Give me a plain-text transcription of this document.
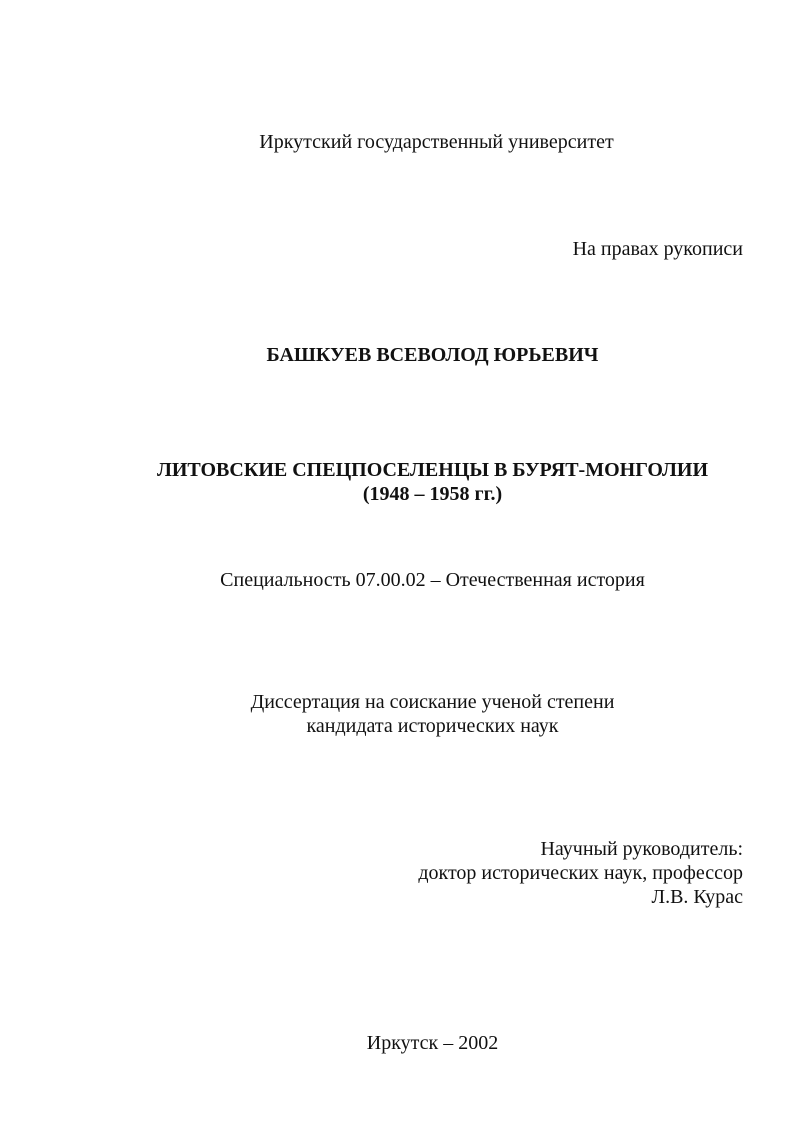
Иркутский государственный университет
На правах рукописи
БАШКУЕВ ВСЕВОЛОД ЮРЬЕВИЧ
ЛИТОВСКИЕ СПЕЦПОСЕЛЕНЦЫ В БУРЯТ-МОНГОЛИИ
(1948 – 1958 гг.)
Специальность 07.00.02 – Отечественная история
Диссертация на соискание ученой степени
кандидата исторических наук
Научный руководитель:
доктор исторических наук, профессор
Л.В. Курас
Иркутск – 2002
